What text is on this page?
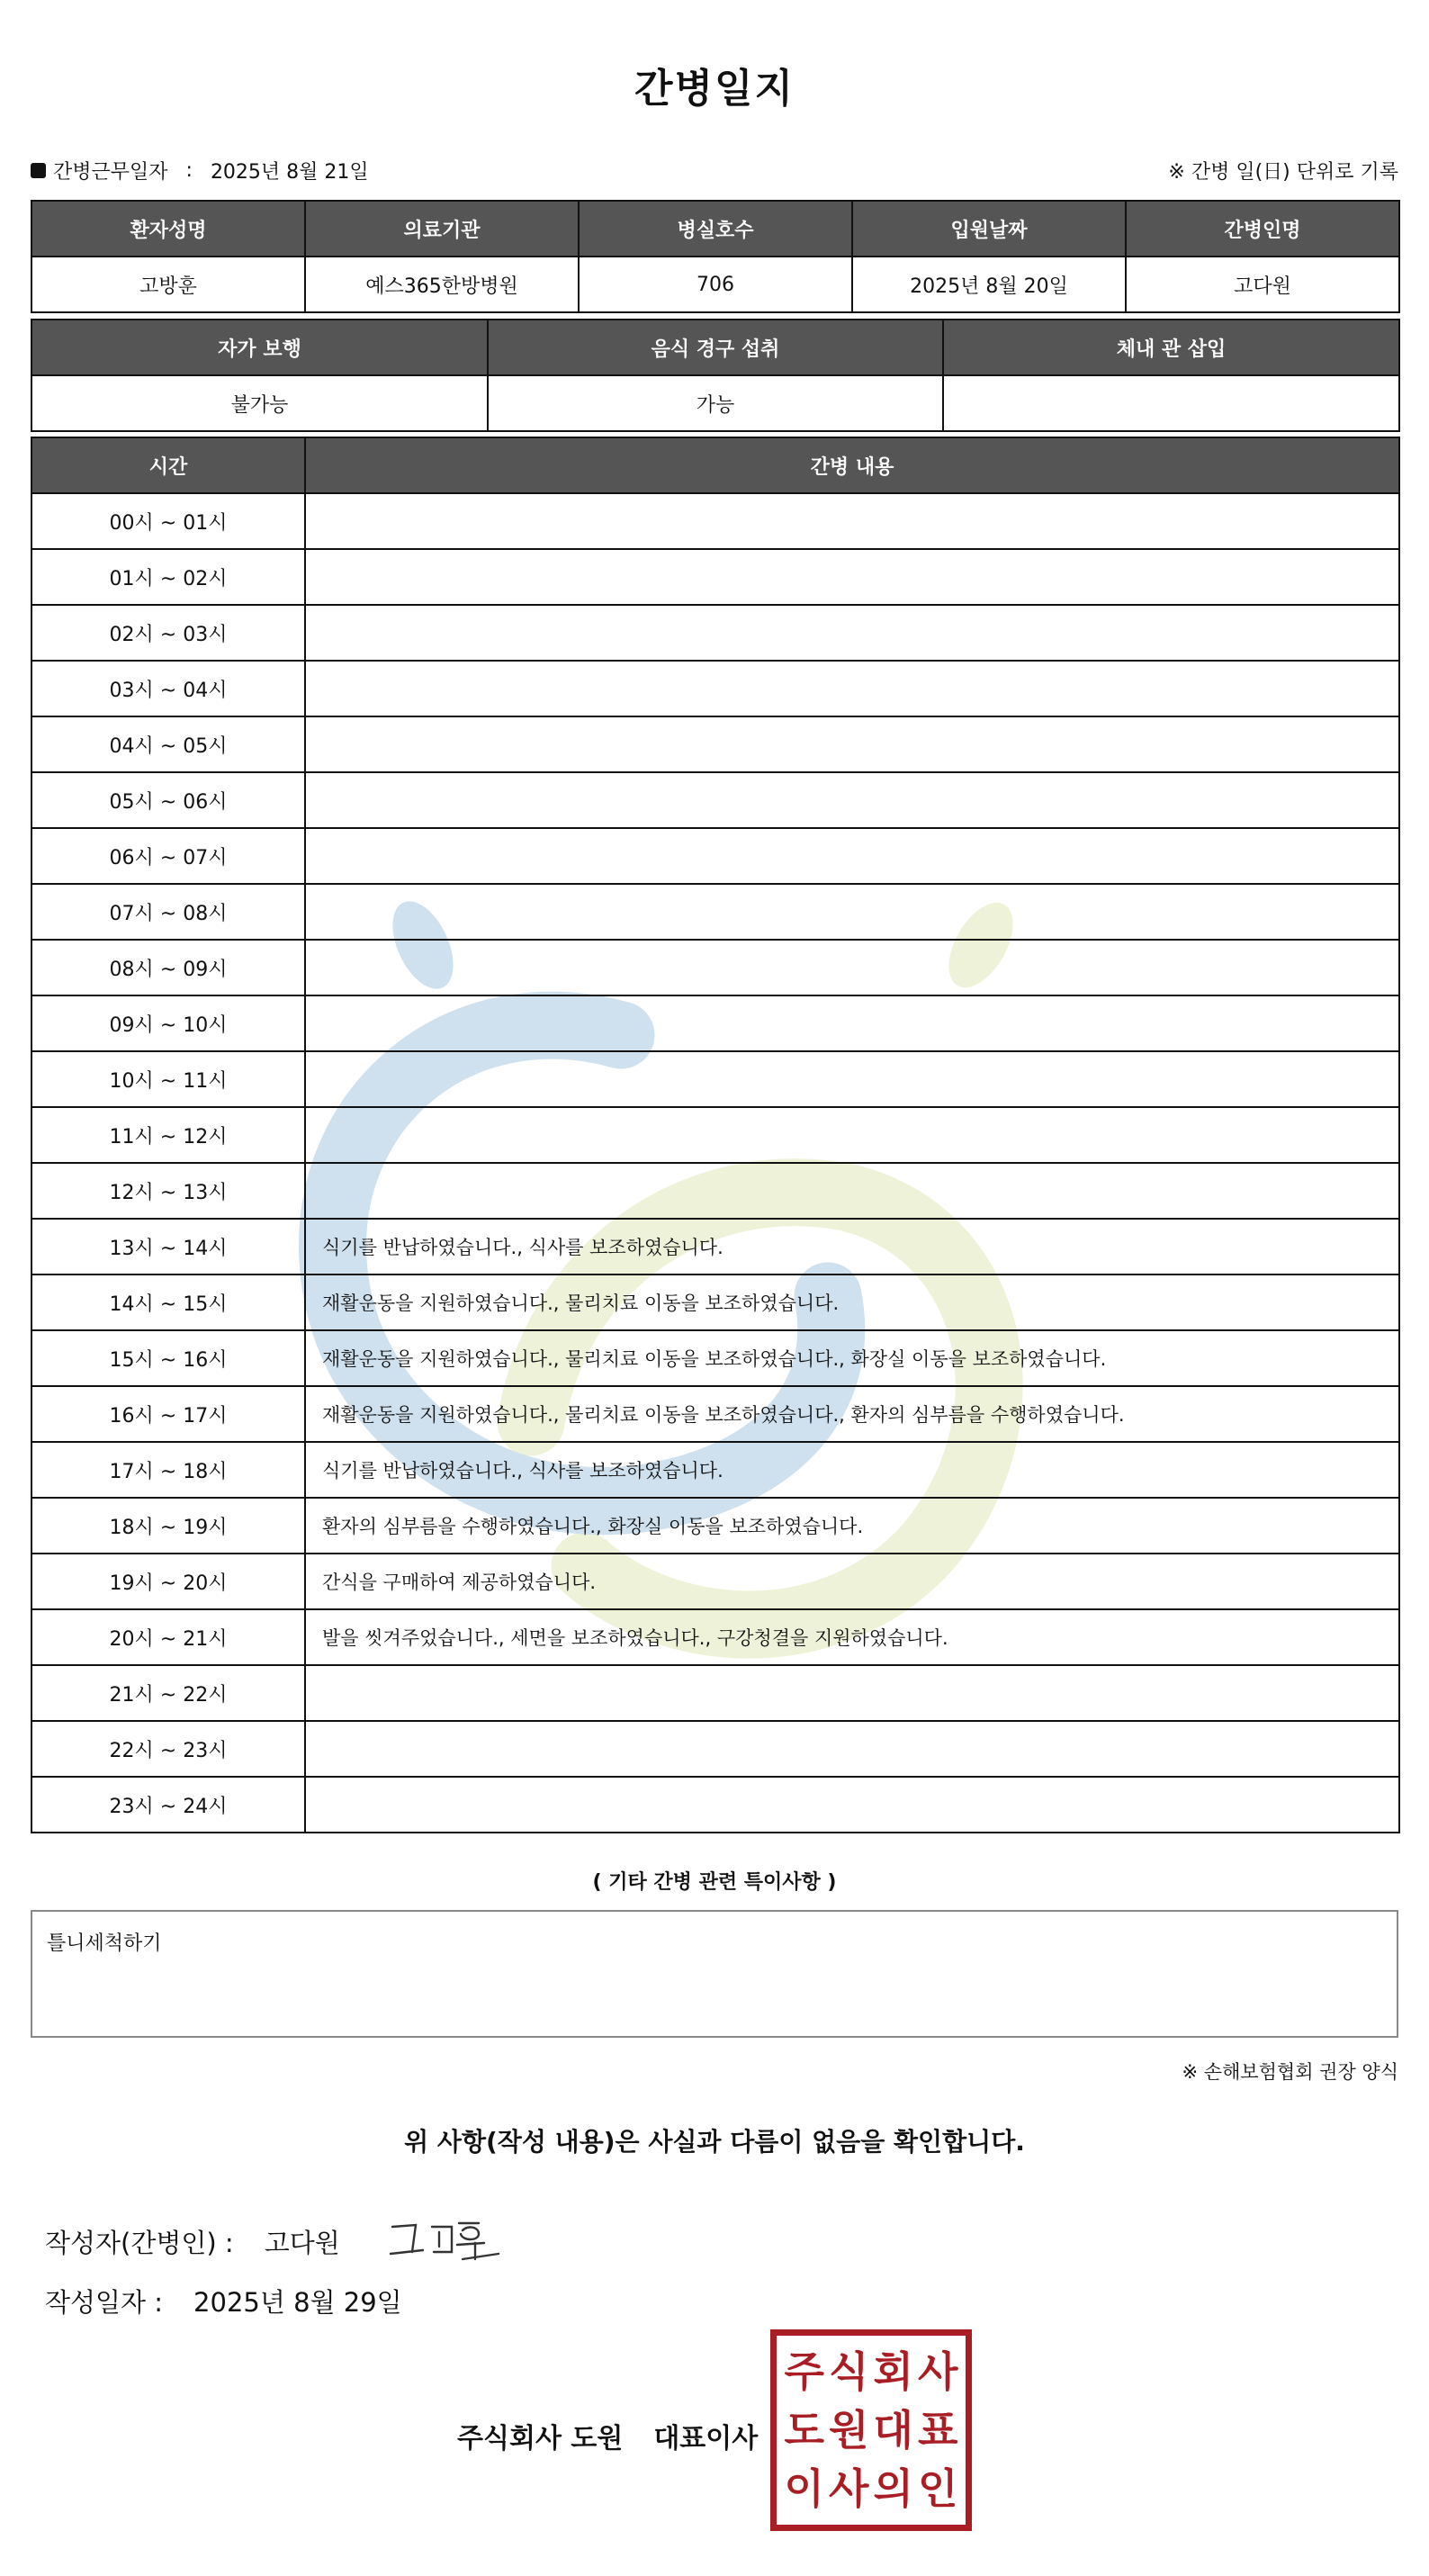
간병일지
간병근무일자 : 2025년 8월 21일	※ 간병 일(日) 단위로 기록
환자성명	의료기관	병실호수	입원날짜	간병인명
고방훈	예스365한방병원	706	2025년 8월 20일	고다원
자가 보행	음식 경구 섭취	체내 관 삽입
불가능	가능	
시간	간병 내용
00시 ~ 01시	
01시 ~ 02시	
02시 ~ 03시	
03시 ~ 04시	
04시 ~ 05시	
05시 ~ 06시	
06시 ~ 07시	
07시 ~ 08시	
08시 ~ 09시	
09시 ~ 10시	
10시 ~ 11시	
11시 ~ 12시	
12시 ~ 13시	
13시 ~ 14시	식기를 반납하였습니다., 식사를 보조하였습니다.
14시 ~ 15시	재활운동을 지원하였습니다., 물리치료 이동을 보조하였습니다.
15시 ~ 16시	재활운동을 지원하였습니다., 물리치료 이동을 보조하였습니다., 화장실 이동을 보조하였습니다.
16시 ~ 17시	재활운동을 지원하였습니다., 물리치료 이동을 보조하였습니다., 환자의 심부름을 수행하였습니다.
17시 ~ 18시	식기를 반납하였습니다., 식사를 보조하였습니다.
18시 ~ 19시	환자의 심부름을 수행하였습니다., 화장실 이동을 보조하였습니다.
19시 ~ 20시	간식을 구매하여 제공하였습니다.
20시 ~ 21시	발을 씻겨주었습니다., 세면을 보조하였습니다., 구강청결을 지원하였습니다.
21시 ~ 22시	
22시 ~ 23시	
23시 ~ 24시	
( 기타 간병 관련 특이사항 )
틀니세척하기
※ 손해보험협회 권장 양식
위 사항(작성 내용)은 사실과 다름이 없음을 확인합니다.
작성자(간병인) : 고다원
작성일자 : 2025년 8월 29일
주식회사 도원 대표이사
주 식 회 사
도 원 대 표
이 사 의 인
